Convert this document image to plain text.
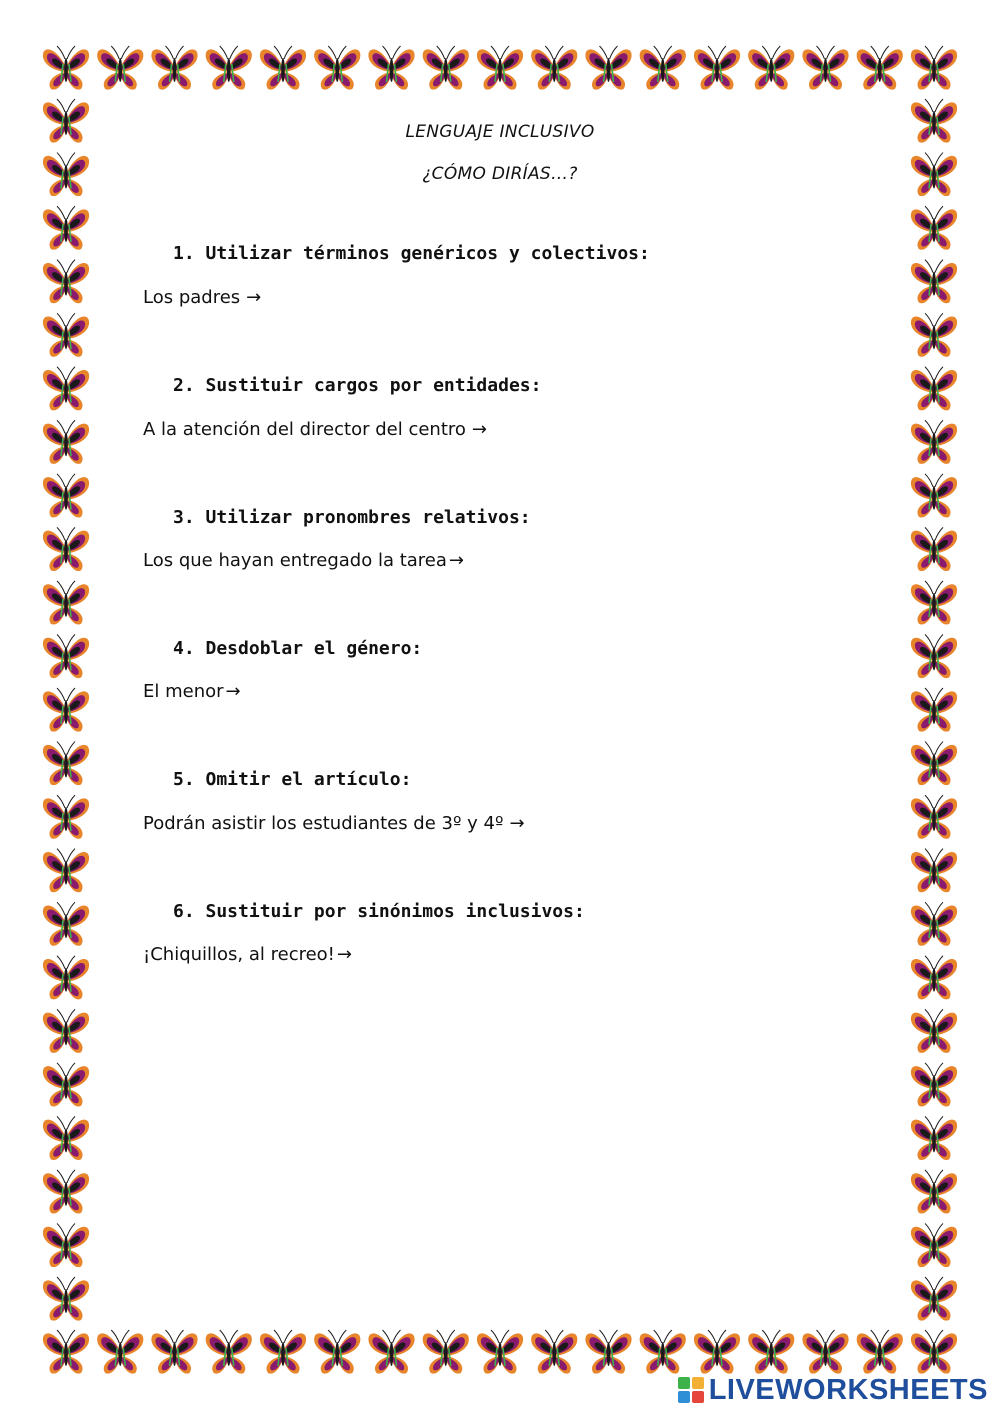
LENGUAJE INCLUSIVO
¿CÓMO DIRÍAS…?
1. Utilizar términos genéricos y colectivos:
Los padres →
2. Sustituir cargos por entidades:
A la atención del director del centro →
3. Utilizar pronombres relativos:
Los que hayan entregado la tarea →
4. Desdoblar el género:
El menor →
5. Omitir el artículo:
Podrán asistir los estudiantes de 3º y 4º →
6. Sustituir por sinónimos inclusivos:
¡Chiquillos, al recreo! →
LIVEWORKSHEETS
